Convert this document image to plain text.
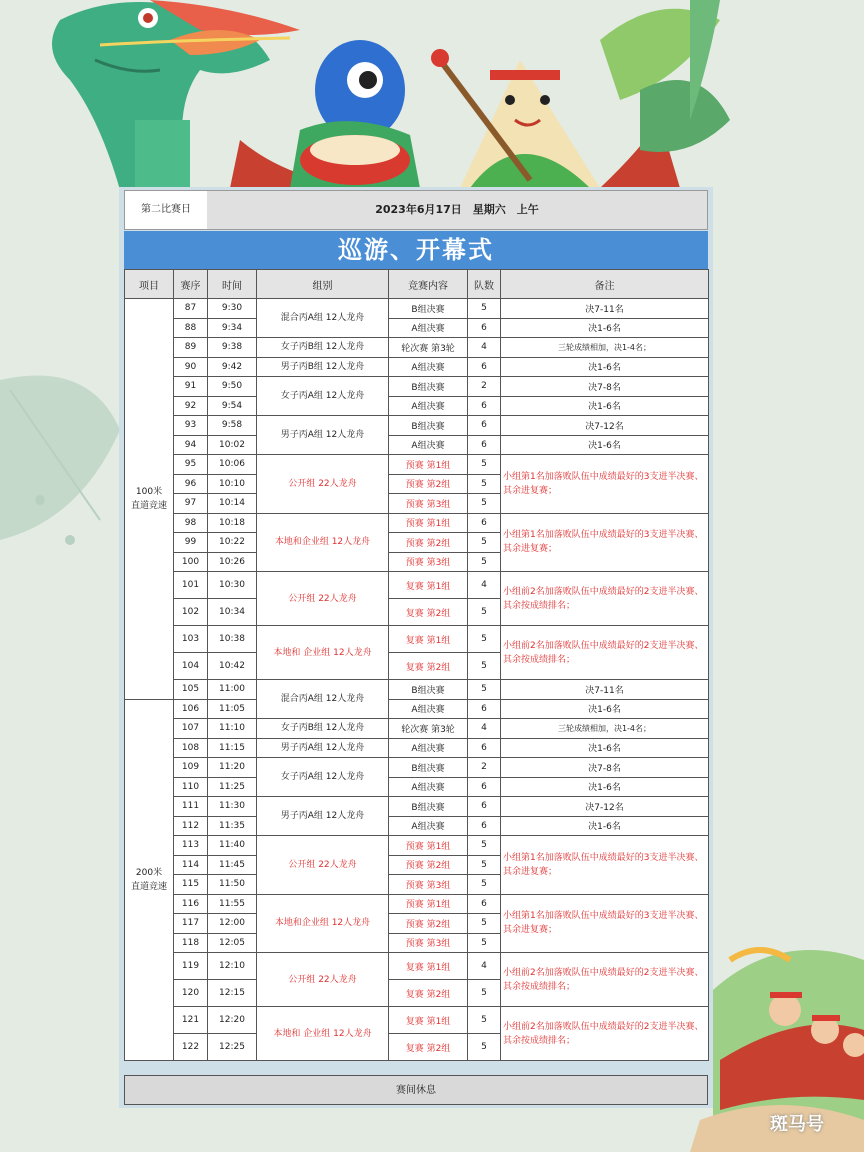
第二比赛日	2023年6月17日　星期六　上午
巡游、开幕式
项目	赛序	时间	组别	竞赛内容	队数	备注
100米
直道竞速	87	9:30	混合丙A组 12人龙舟	B组决赛	5	决7-11名
	88	9:34		A组决赛	6	决1-6名
	89	9:38	女子丙B组 12人龙舟	轮次赛 第3轮	4	三轮成绩相加，决1-4名；
	90	9:42	男子丙B组 12人龙舟	A组决赛	6	决1-6名
	91	9:50	女子丙A组 12人龙舟	B组决赛	2	决7-8名
	92	9:54		A组决赛	6	决1-6名
	93	9:58	男子丙A组 12人龙舟	B组决赛	6	决7-12名
	94	10:02		A组决赛	6	决1-6名
	95	10:06	公开组 22人龙舟	预赛 第1组	5	小组第1名加落败队伍中成绩最好的3支进半决赛、其余进复赛；
	96	10:10		预赛 第2组	5	
	97	10:14		预赛 第3组	5	
	98	10:18	本地和企业组 12人龙舟	预赛 第1组	6	小组第1名加落败队伍中成绩最好的3支进半决赛、其余进复赛；
	99	10:22		预赛 第2组	5	
	100	10:26		预赛 第3组	5	
	101	10:30	公开组 22人龙舟	复赛 第1组	4	小组前2名加落败队伍中成绩最好的2支进半决赛、其余按成绩排名；
	102	10:34		复赛 第2组	5	
	103	10:38	本地和 企业组 12人龙舟	复赛 第1组	5	小组前2名加落败队伍中成绩最好的2支进半决赛、其余按成绩排名；
	104	10:42		复赛 第2组	5	
	105	11:00	混合丙A组 12人龙舟	B组决赛	5	决7-11名
200米
直道竞速	106	11:05		A组决赛	6	决1-6名
	107	11:10	女子丙B组 12人龙舟	轮次赛 第3轮	4	三轮成绩相加，决1-4名；
	108	11:15	男子丙A组 12人龙舟	A组决赛	6	决1-6名
	109	11:20	女子丙A组 12人龙舟	B组决赛	2	决7-8名
	110	11:25		A组决赛	6	决1-6名
	111	11:30	男子丙A组 12人龙舟	B组决赛	6	决7-12名
	112	11:35		A组决赛	6	决1-6名
	113	11:40	公开组 22人龙舟	预赛 第1组	5	小组第1名加落败队伍中成绩最好的3支进半决赛、其余进复赛；
	114	11:45		预赛 第2组	5	
	115	11:50		预赛 第3组	5	
	116	11:55	本地和企业组 12人龙舟	预赛 第1组	6	小组第1名加落败队伍中成绩最好的3支进半决赛、其余进复赛；
	117	12:00		预赛 第2组	5	
	118	12:05		预赛 第3组	5	
	119	12:10	公开组 22人龙舟	复赛 第1组	4	小组前2名加落败队伍中成绩最好的2支进半决赛、其余按成绩排名；
	120	12:15		复赛 第2组	5	
	121	12:20	本地和 企业组 12人龙舟	复赛 第1组	5	小组前2名加落败队伍中成绩最好的2支进半决赛、其余按成绩排名；
	122	12:25		复赛 第2组	5	
赛间休息
斑马号
